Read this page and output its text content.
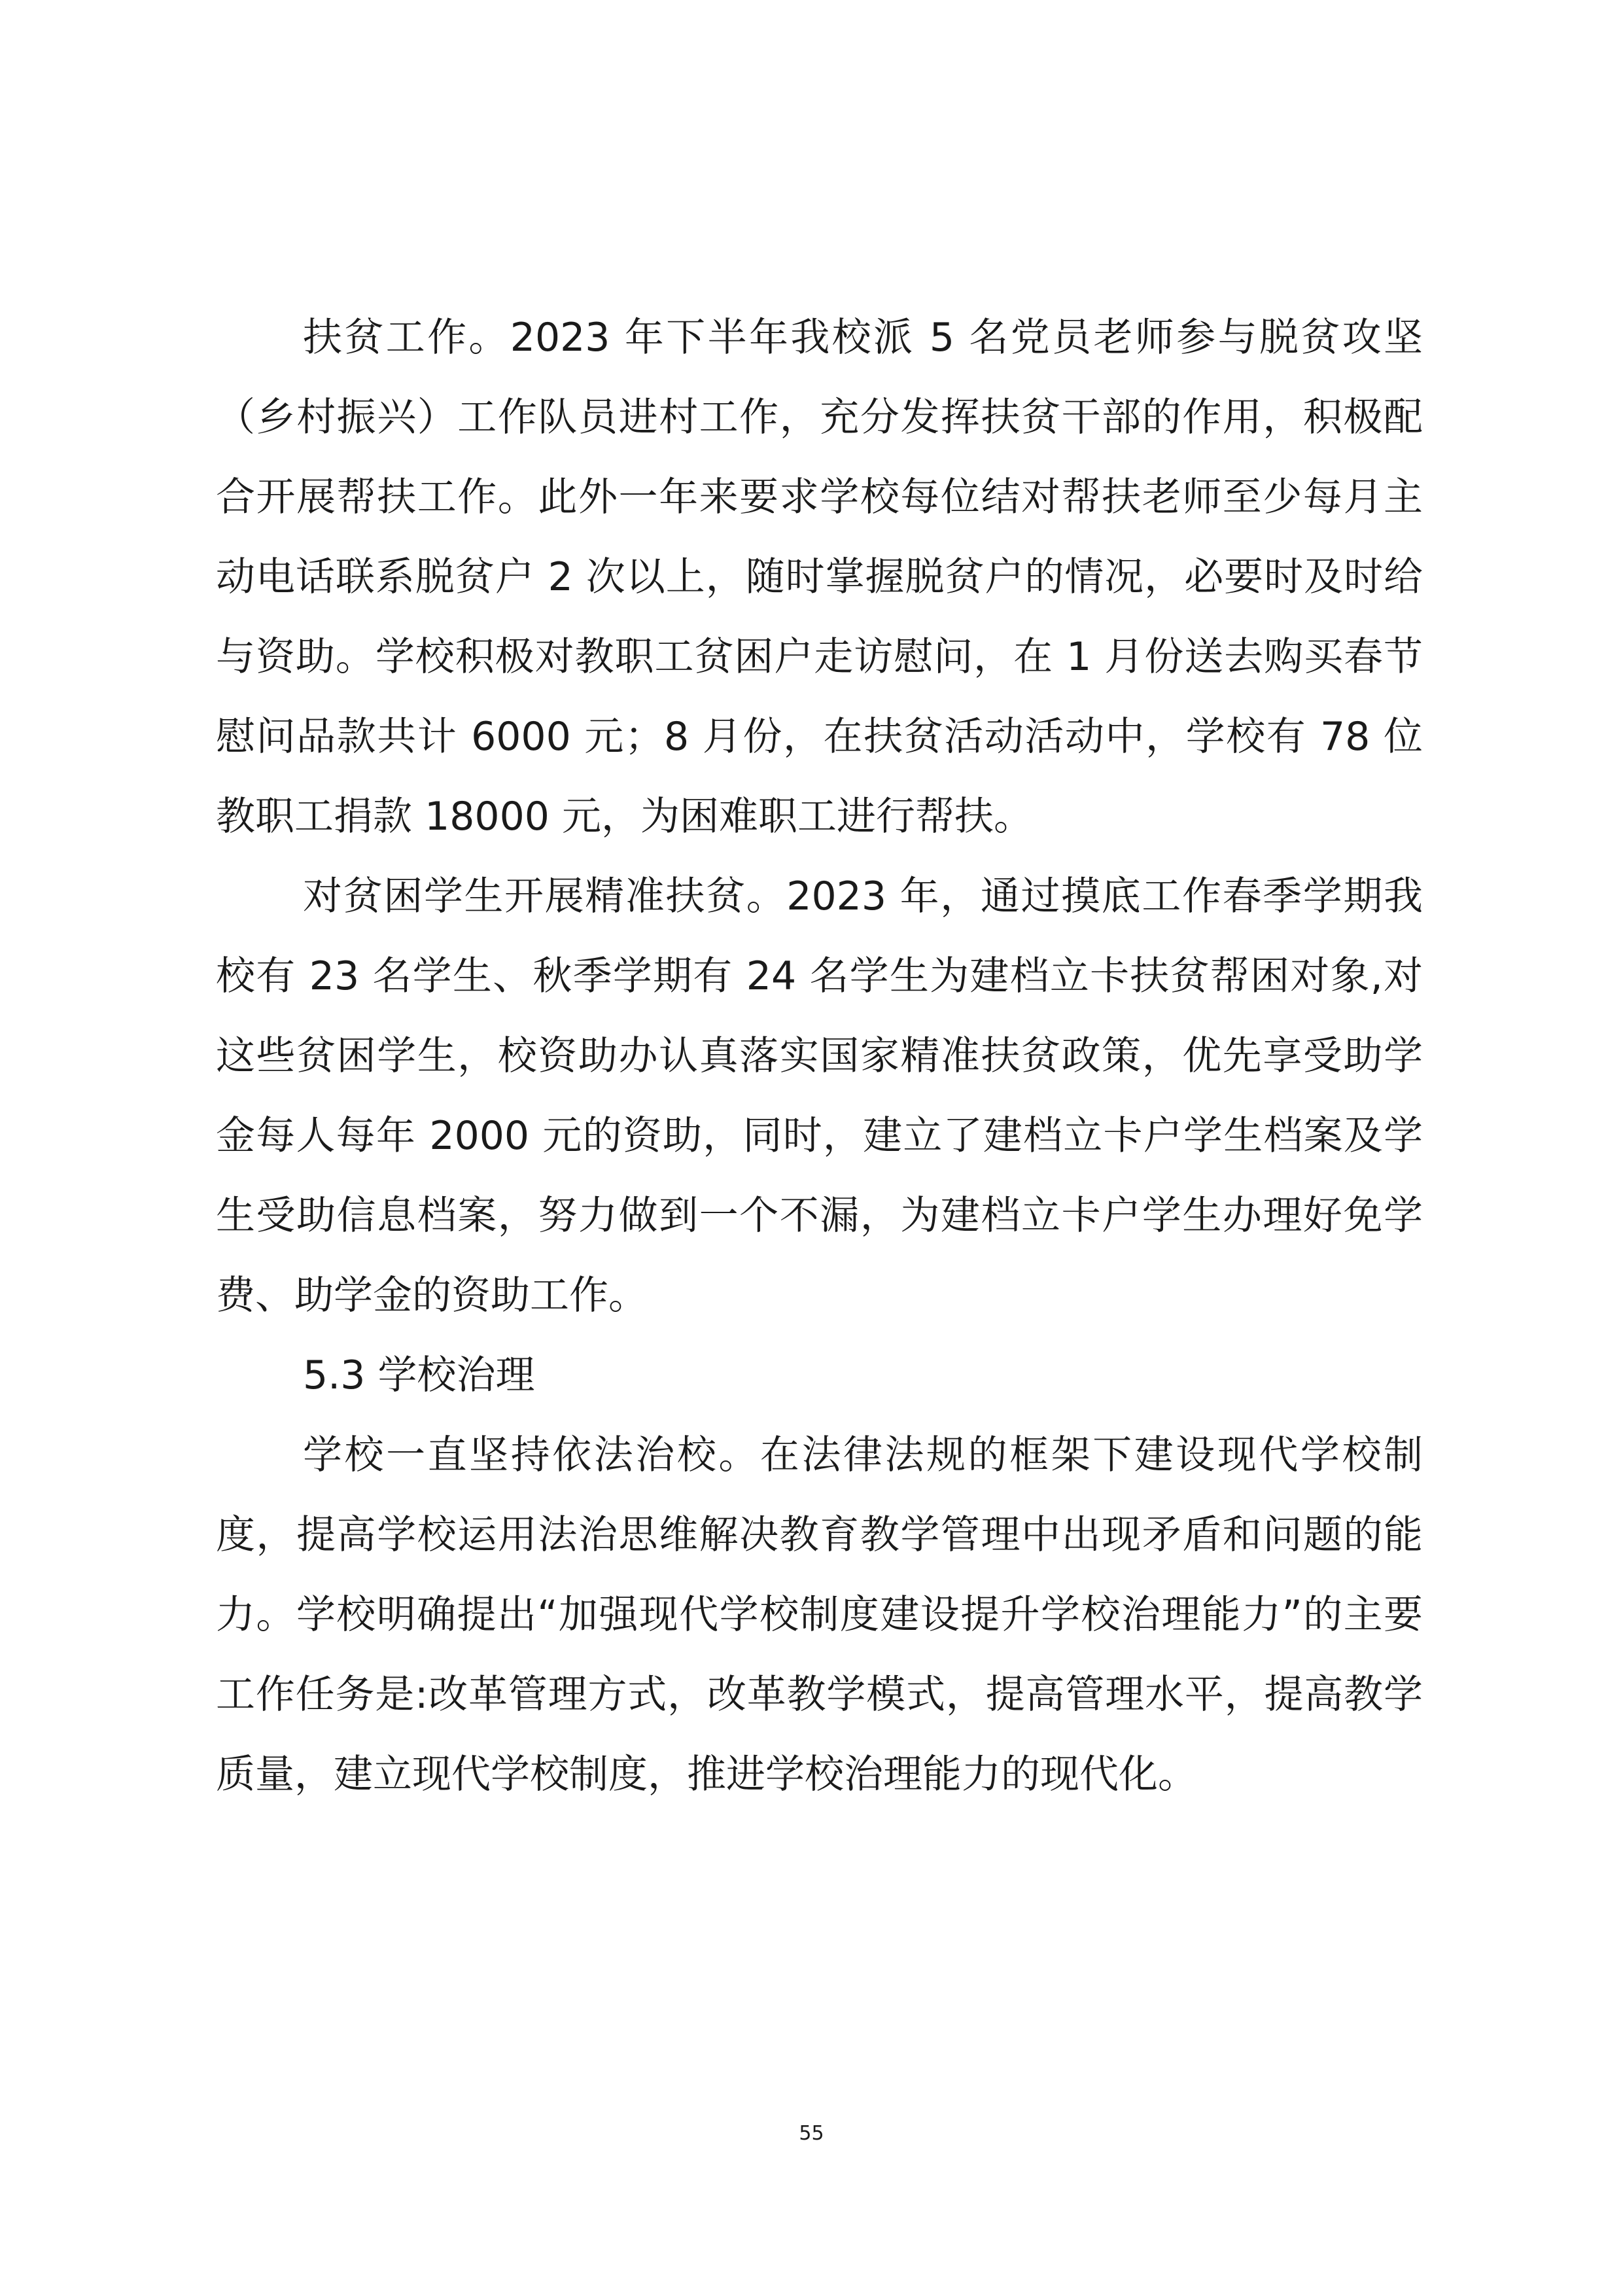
扶贫工作。2023 年下半年我校派 5 名党员老师参与脱贫攻坚（乡村振兴）工作队员进村工作，充分发挥扶贫干部的作用，积极配合开展帮扶工作。此外一年来要求学校每位结对帮扶老师至少每月主动电话联系脱贫户 2 次以上，随时掌握脱贫户的情况，必要时及时给与资助。学校积极对教职工贫困户走访慰问，在 1 月份送去购买春节慰问品款共计 6000 元；8 月份，在扶贫活动活动中，学校有 78 位教职工捐款 18000 元，为困难职工进行帮扶。

对贫困学生开展精准扶贫。2023 年，通过摸底工作春季学期我校有 23 名学生、秋季学期有 24 名学生为建档立卡扶贫帮困对象,对这些贫困学生，校资助办认真落实国家精准扶贫政策，优先享受助学金每人每年 2000 元的资助，同时，建立了建档立卡户学生档案及学生受助信息档案，努力做到一个不漏，为建档立卡户学生办理好免学费、助学金的资助工作。

5.3 学校治理

学校一直坚持依法治校。在法律法规的框架下建设现代学校制度，提高学校运用法治思维解决教育教学管理中出现矛盾和问题的能力。学校明确提出“加强现代学校制度建设提升学校治理能力”的主要工作任务是:改革管理方式，改革教学模式，提高管理水平，提高教学质量，建立现代学校制度，推进学校治理能力的现代化。

55
